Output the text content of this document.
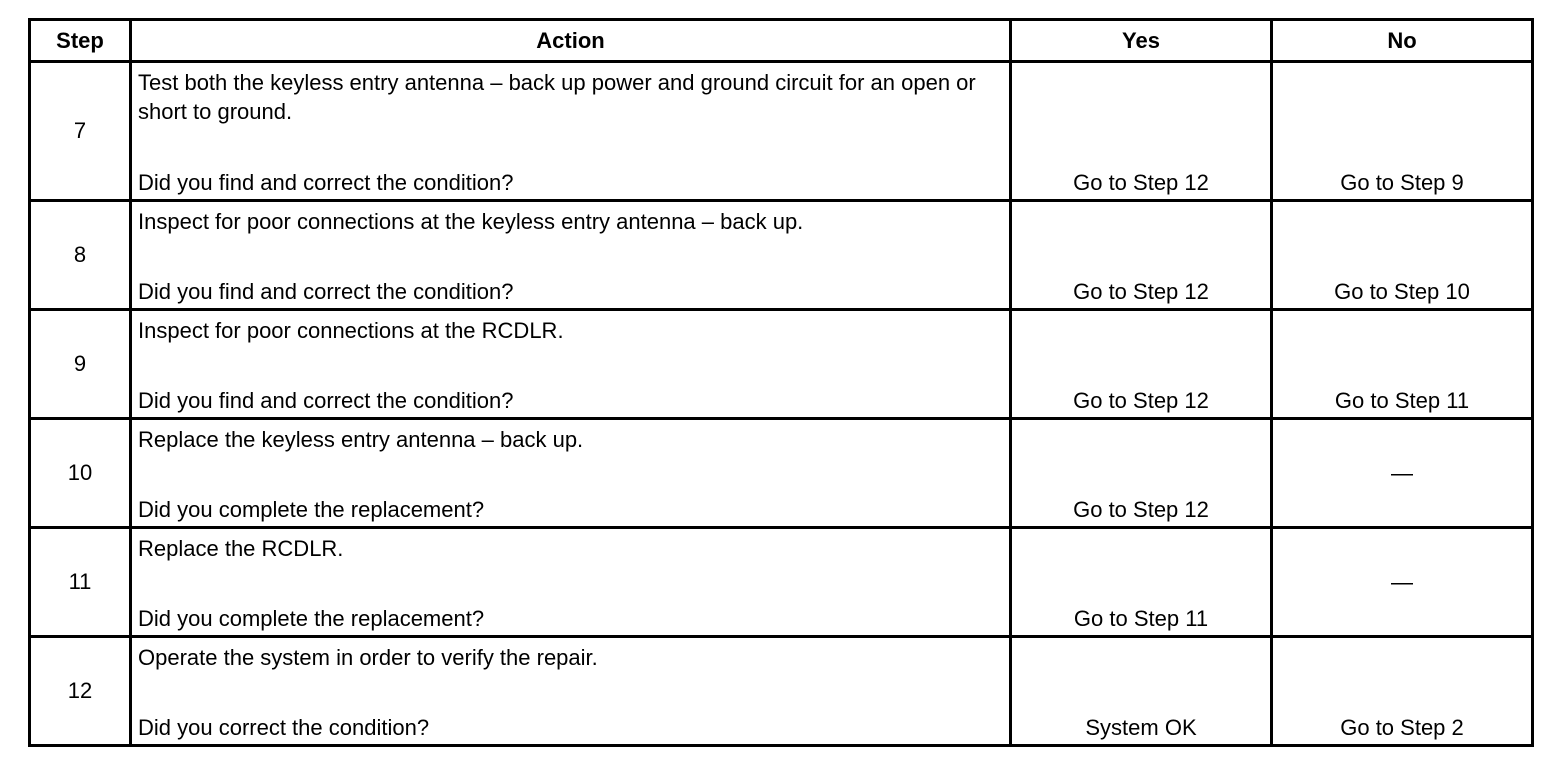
Step	Action	Yes	No
7	Test both the keyless entry antenna – back up power and ground circuit for an open or short to ground.
Did you find and correct the condition?	Go to Step 12	Go to Step 9

8	Inspect for poor connections at the keyless entry antenna – back up.
Did you find and correct the condition?	Go to Step 12	Go to Step 10

9	Inspect for poor connections at the RCDLR.
Did you find and correct the condition?	Go to Step 12	Go to Step 11

10	Replace the keyless entry antenna – back up.
Did you complete the replacement?	Go to Step 12	—

11	Replace the RCDLR.
Did you complete the replacement?	Go to Step 11	—

12	Operate the system in order to verify the repair.
Did you correct the condition?	System OK	Go to Step 2
